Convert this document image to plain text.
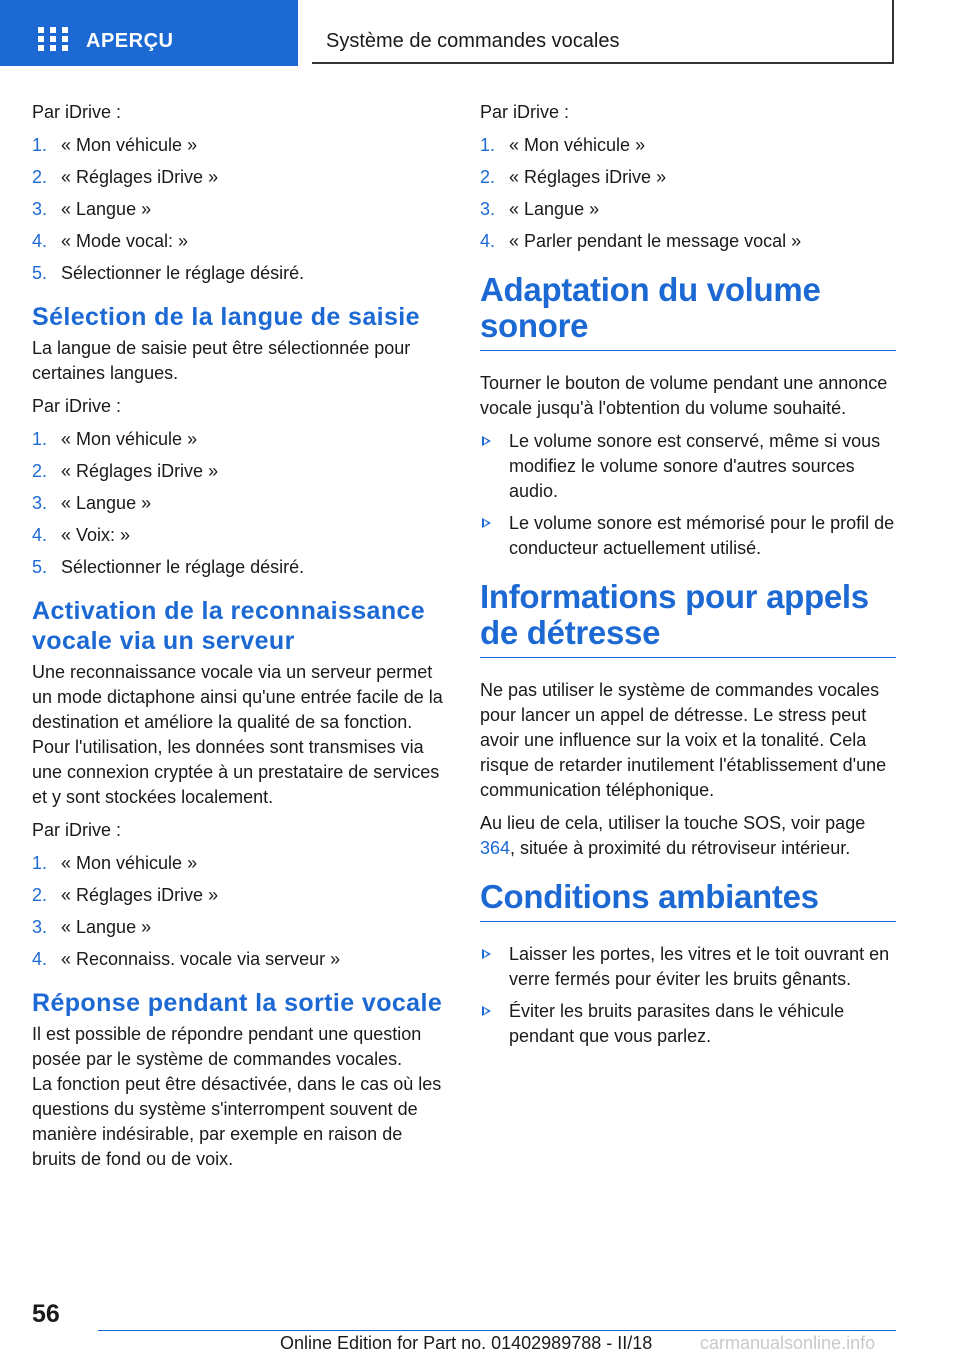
APERÇU	Système de commandes vocales

Par iDrive :

1. « Mon véhicule »
2. « Réglages iDrive »
3. « Langue »
4. « Mode vocal: »
5. Sélectionner le réglage désiré.
Sélection de la langue de saisie

La langue de saisie peut être sélectionnée pour certaines langues.

Par iDrive :

1. « Mon véhicule »
2. « Réglages iDrive »
3. « Langue »
4. « Voix: »
5. Sélectionner le réglage désiré.
Activation de la reconnaissance vocale via un serveur

Une reconnaissance vocale via un serveur permet un mode dictaphone ainsi qu'une entrée facile de la destination et améliore la qualité de sa fonction. Pour l'utilisation, les données sont transmises via une connexion cryptée à un prestataire de services et y sont stockées localement.

Par iDrive :

1. « Mon véhicule »
2. « Réglages iDrive »
3. « Langue »
4. « Reconnaiss. vocale via serveur »
Réponse pendant la sortie vocale

Il est possible de répondre pendant une question posée par le système de commandes vocales.

La fonction peut être désactivée, dans le cas où les questions du système s'interrompent souvent de manière indésirable, par exemple en raison de bruits de fond ou de voix.

Par iDrive :

1. « Mon véhicule »
2. « Réglages iDrive »
3. « Langue »
4. « Parler pendant le message vocal »
Adaptation du volume sonore

Tourner le bouton de volume pendant une annonce vocale jusqu'à l'obtention du volume souhaité.

Le volume sonore est conservé, même si vous modifiez le volume sonore d'autres sources audio.
Le volume sonore est mémorisé pour le profil de conducteur actuellement utilisé.
Informations pour appels de détresse

Ne pas utiliser le système de commandes vocales pour lancer un appel de détresse. Le stress peut avoir une influence sur la voix et la tonalité. Cela risque de retarder inutilement l'établissement d'une communication téléphonique.

Au lieu de cela, utiliser la touche SOS, voir page 364, située à proximité du rétroviseur intérieur.

Conditions ambiantes
Laisser les portes, les vitres et le toit ouvrant en verre fermés pour éviter les bruits gênants.
Éviter les bruits parasites dans le véhicule pendant que vous parlez.
56
Online Edition for Part no. 01402989788 - II/18	carmanualsonline.info
